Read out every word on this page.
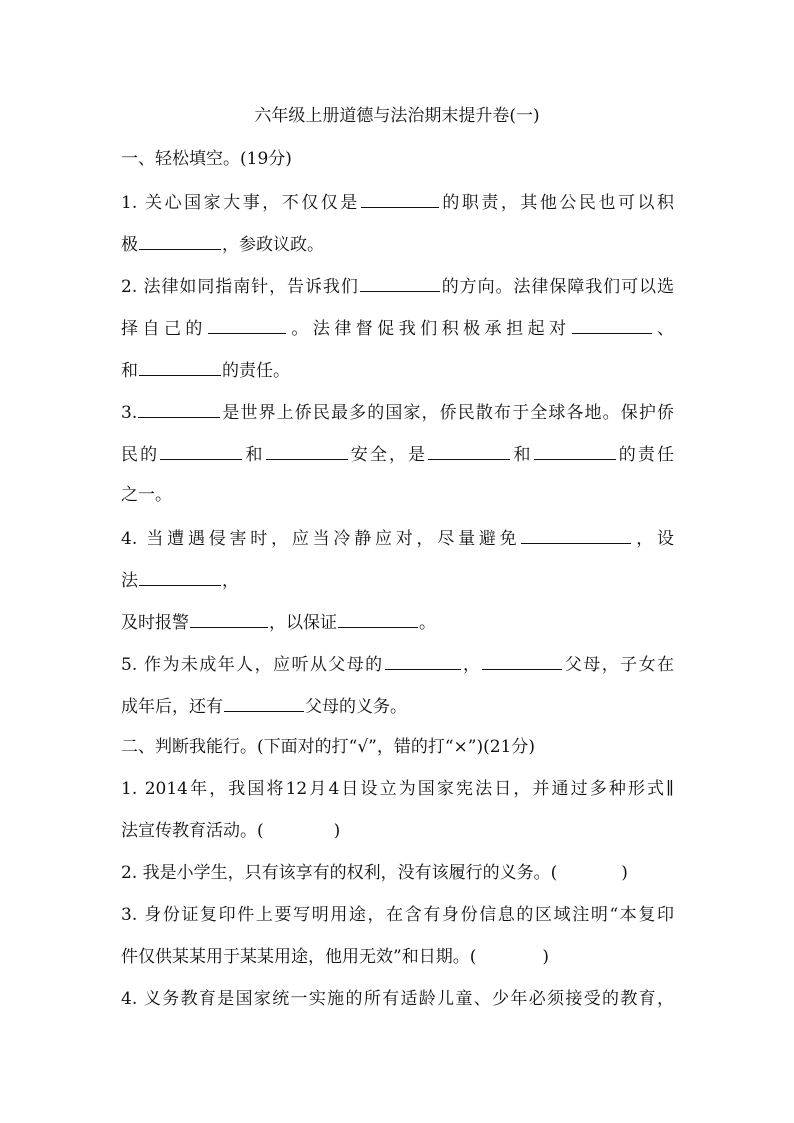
六年级上册道德与法治期末提升卷(一)
一、轻松填空。(19分)
1. 关心国家大事，不仅仅是	的职责，其他公民也可以积
极	，参政议政。
2. 法律如同指南针，告诉我们	的方向。法律保障我们可以选
择自己的	。法律督促我们积极承担起对	、
和	的责任。
3.	是世界上侨民最多的国家，侨民散布于全球各地。保护侨
民的	和	安全，是	和	的责任
之一。
4. 当遭遇侵害时，应当冷静应对，尽量避免	，设
法	，
及时报警	，以保证	。
5. 作为未成年人，应听从父母的	，	父母，子女在
成年后，还有	父母的义务。
二、判断我能行。(下面对的打“√”，错的打“×”)(21分)
1. 2014年，我国将12月4日设立为国家宪法日，并通过多种形式∥
法宣传教育活动。(	)
2. 我是小学生，只有该享有的权利，没有该履行的义务。(	)
3. 身份证复印件上要写明用途，在含有身份信息的区域注明“本复印
件仅供某某用于某某用途，他用无效”和日期。(	)
4. 义务教育是国家统一实施的所有适龄儿童、少年必须接受的教育，
